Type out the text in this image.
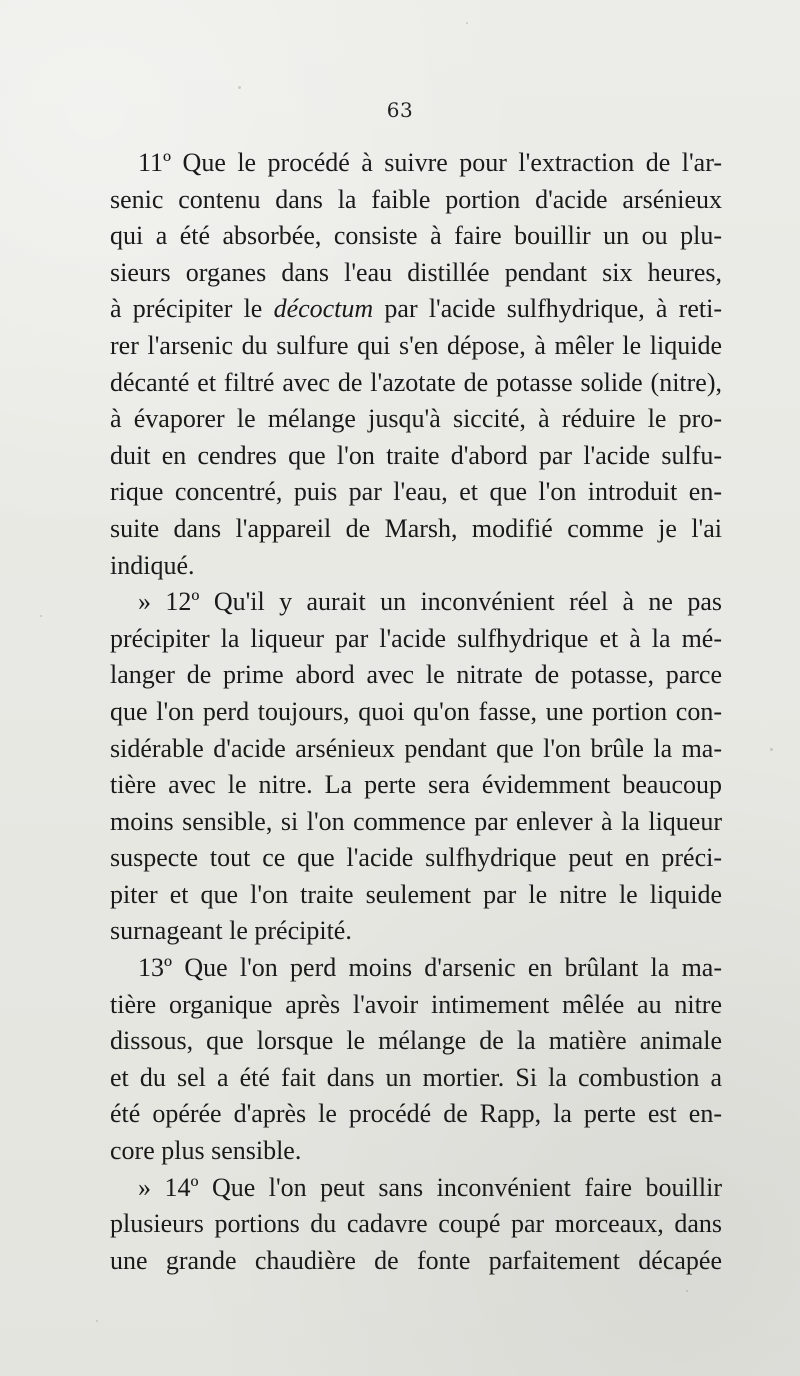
63
11º Que le procédé à suivre pour l'extraction de l'ar-
senic contenu dans la faible portion d'acide arsénieux
qui a été absorbée, consiste à faire bouillir un ou plu-
sieurs organes dans l'eau distillée pendant six heures,
à précipiter le décoctum par l'acide sulfhydrique, à reti-
rer l'arsenic du sulfure qui s'en dépose, à mêler le liquide
décanté et filtré avec de l'azotate de potasse solide (nitre),
à évaporer le mélange jusqu'à siccité, à réduire le pro-
duit en cendres que l'on traite d'abord par l'acide sulfu-
rique concentré, puis par l'eau, et que l'on introduit en-
suite dans l'appareil de Marsh, modifié comme je l'ai
indiqué.
» 12º Qu'il y aurait un inconvénient réel à ne pas
précipiter la liqueur par l'acide sulfhydrique et à la mé-
langer de prime abord avec le nitrate de potasse, parce
que l'on perd toujours, quoi qu'on fasse, une portion con-
sidérable d'acide arsénieux pendant que l'on brûle la ma-
tière avec le nitre. La perte sera évidemment beaucoup
moins sensible, si l'on commence par enlever à la liqueur
suspecte tout ce que l'acide sulfhydrique peut en préci-
piter et que l'on traite seulement par le nitre le liquide
surnageant le précipité.
13º Que l'on perd moins d'arsenic en brûlant la ma-
tière organique après l'avoir intimement mêlée au nitre
dissous, que lorsque le mélange de la matière animale
et du sel a été fait dans un mortier. Si la combustion a
été opérée d'après le procédé de Rapp, la perte est en-
core plus sensible.
» 14º Que l'on peut sans inconvénient faire bouillir
plusieurs portions du cadavre coupé par morceaux, dans
une grande chaudière de fonte parfaitement décapée
